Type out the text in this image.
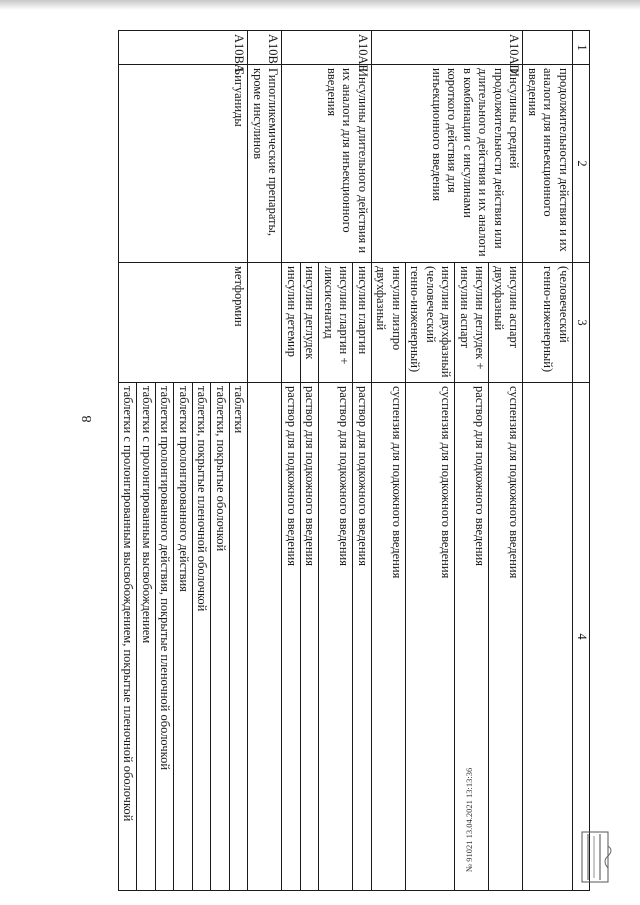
8
1	2	3	4
	продолжительности действия и их аналоги для инъекционного введения	(человеческий генно-инженерный)	
A10AD	Инсулины средней продолжительности действия или длительного действия и их аналоги в комбинации с инсулинами короткого действия для инъекционного введения	инсулин аспарт двухфазный	суспензия для подкожного введения
		инсулин деглудек + инсулин аспарт	раствор для подкожного введения
		инсулин двухфазный (человеческий генно-инженерный)	суспензия для подкожного введения
		инсулин лизпро двухфазный	суспензия для подкожного введения
A10AE	Инсулины длительного действия и их аналоги для инъекционного введения	инсулин гларгин	раствор для подкожного введения
		инсулин гларгин + ликсисенатид	раствор для подкожного введения
		инсулин деглудек	раствор для подкожного введения
		инсулин детемир	раствор для подкожного введения
A10B	Гипогликемические препараты, кроме инсулинов		
A10BA	Бигуаниды	метформин	таблетки
			таблетки, покрытые оболочкой
			таблетки, покрытые пленочной оболочкой
			таблетки пролонгированного действия
			таблетки пролонгированного действия, покрытые пленочной оболочкой
			таблетки с пролонгированным высвобождением
			таблетки с пролонгированным высвобождением, покрытые пленочной оболочкой	№ 91021 13.04.2021 13:13:36
